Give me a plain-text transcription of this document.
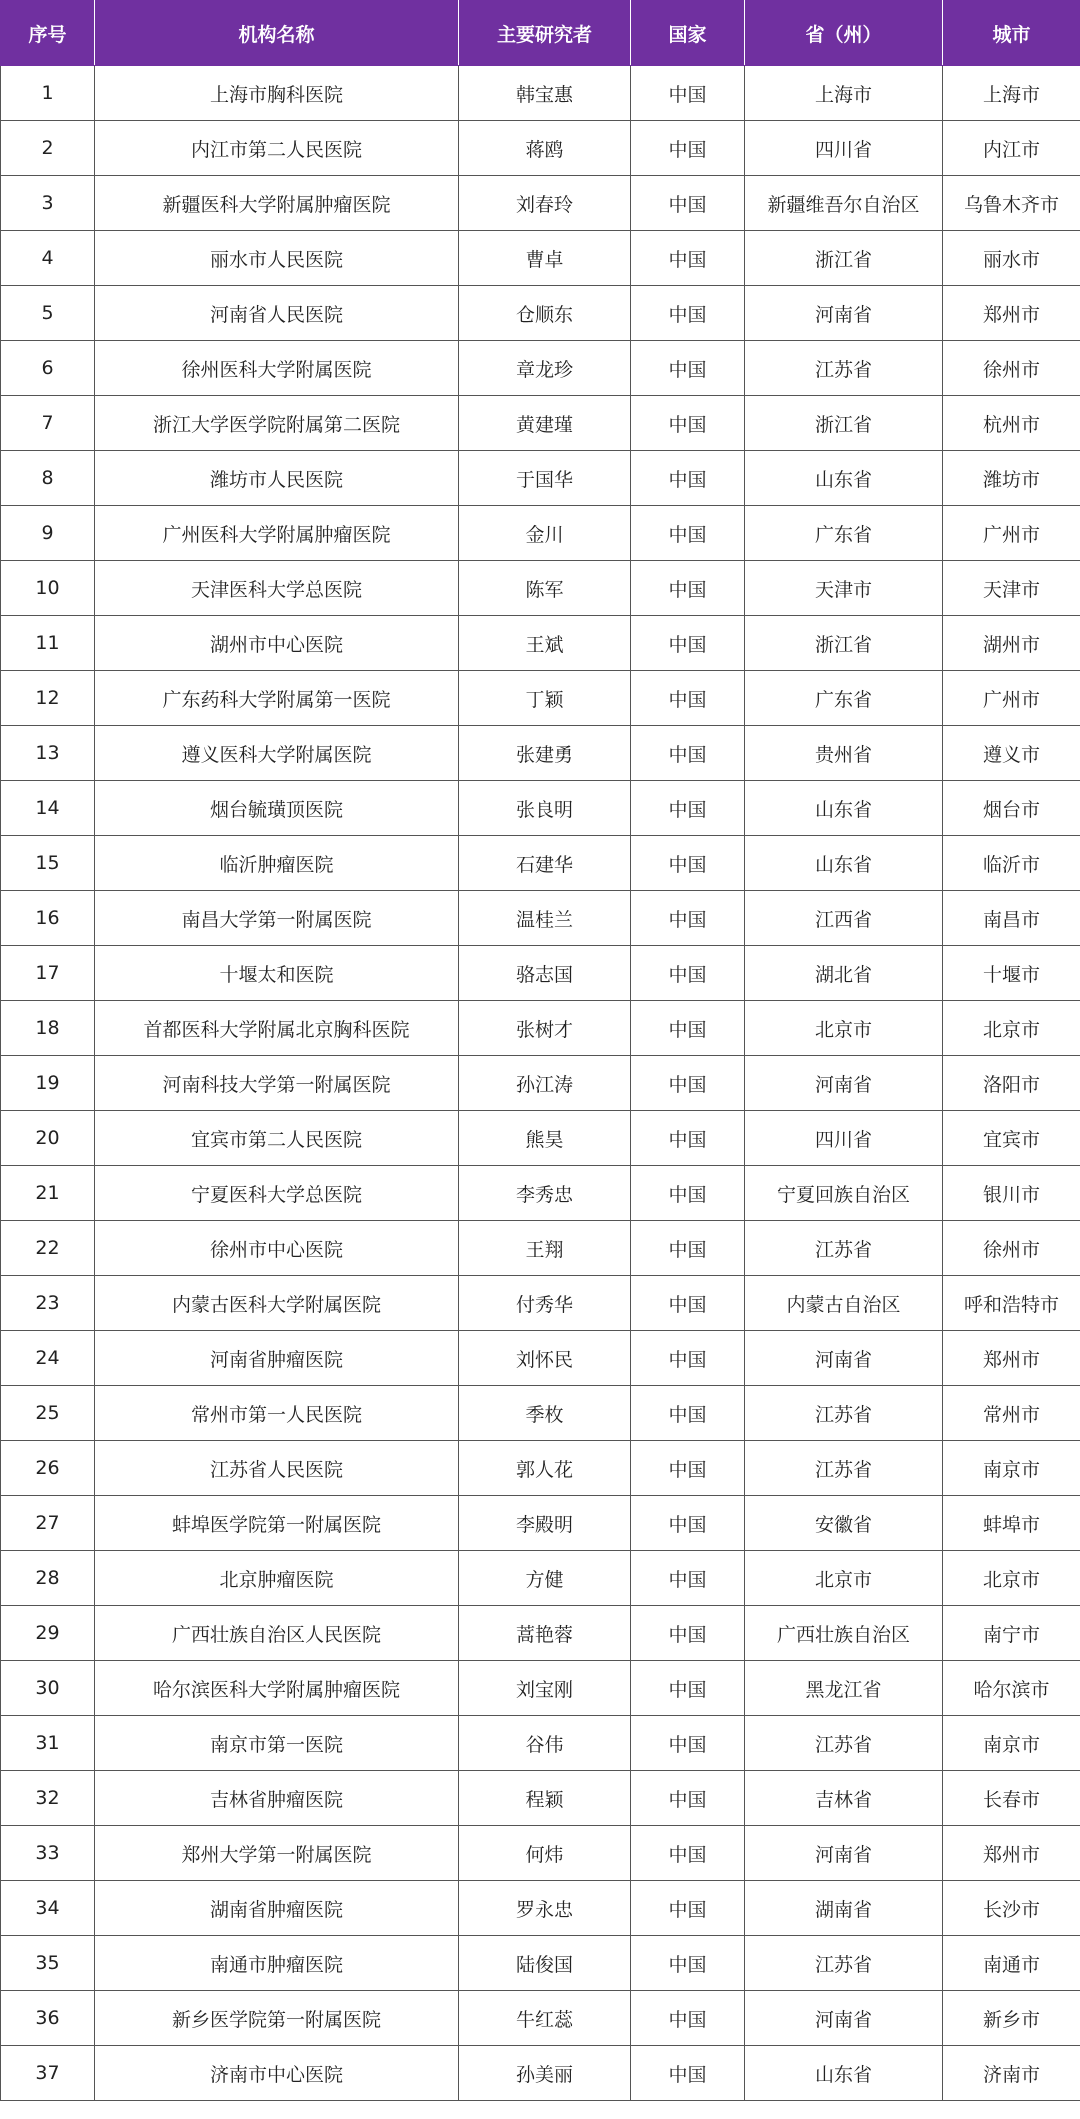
序号	机构名称	主要研究者	国家	省（州）	城市
1	上海市胸科医院	韩宝惠	中国	上海市	上海市
2	内江市第二人民医院	蒋鸥	中国	四川省	内江市
3	新疆医科大学附属肿瘤医院	刘春玲	中国	新疆维吾尔自治区	乌鲁木齐市
4	丽水市人民医院	曹卓	中国	浙江省	丽水市
5	河南省人民医院	仓顺东	中国	河南省	郑州市
6	徐州医科大学附属医院	章龙珍	中国	江苏省	徐州市
7	浙江大学医学院附属第二医院	黄建瑾	中国	浙江省	杭州市
8	潍坊市人民医院	于国华	中国	山东省	潍坊市
9	广州医科大学附属肿瘤医院	金川	中国	广东省	广州市
10	天津医科大学总医院	陈军	中国	天津市	天津市
11	湖州市中心医院	王斌	中国	浙江省	湖州市
12	广东药科大学附属第一医院	丁颖	中国	广东省	广州市
13	遵义医科大学附属医院	张建勇	中国	贵州省	遵义市
14	烟台毓璜顶医院	张良明	中国	山东省	烟台市
15	临沂肿瘤医院	石建华	中国	山东省	临沂市
16	南昌大学第一附属医院	温桂兰	中国	江西省	南昌市
17	十堰太和医院	骆志国	中国	湖北省	十堰市
18	首都医科大学附属北京胸科医院	张树才	中国	北京市	北京市
19	河南科技大学第一附属医院	孙江涛	中国	河南省	洛阳市
20	宜宾市第二人民医院	熊昊	中国	四川省	宜宾市
21	宁夏医科大学总医院	李秀忠	中国	宁夏回族自治区	银川市
22	徐州市中心医院	王翔	中国	江苏省	徐州市
23	内蒙古医科大学附属医院	付秀华	中国	内蒙古自治区	呼和浩特市
24	河南省肿瘤医院	刘怀民	中国	河南省	郑州市
25	常州市第一人民医院	季枚	中国	江苏省	常州市
26	江苏省人民医院	郭人花	中国	江苏省	南京市
27	蚌埠医学院第一附属医院	李殿明	中国	安徽省	蚌埠市
28	北京肿瘤医院	方健	中国	北京市	北京市
29	广西壮族自治区人民医院	蒿艳蓉	中国	广西壮族自治区	南宁市
30	哈尔滨医科大学附属肿瘤医院	刘宝刚	中国	黑龙江省	哈尔滨市
31	南京市第一医院	谷伟	中国	江苏省	南京市
32	吉林省肿瘤医院	程颖	中国	吉林省	长春市
33	郑州大学第一附属医院	何炜	中国	河南省	郑州市
34	湖南省肿瘤医院	罗永忠	中国	湖南省	长沙市
35	南通市肿瘤医院	陆俊国	中国	江苏省	南通市
36	新乡医学院第一附属医院	牛红蕊	中国	河南省	新乡市
37	济南市中心医院	孙美丽	中国	山东省	济南市
